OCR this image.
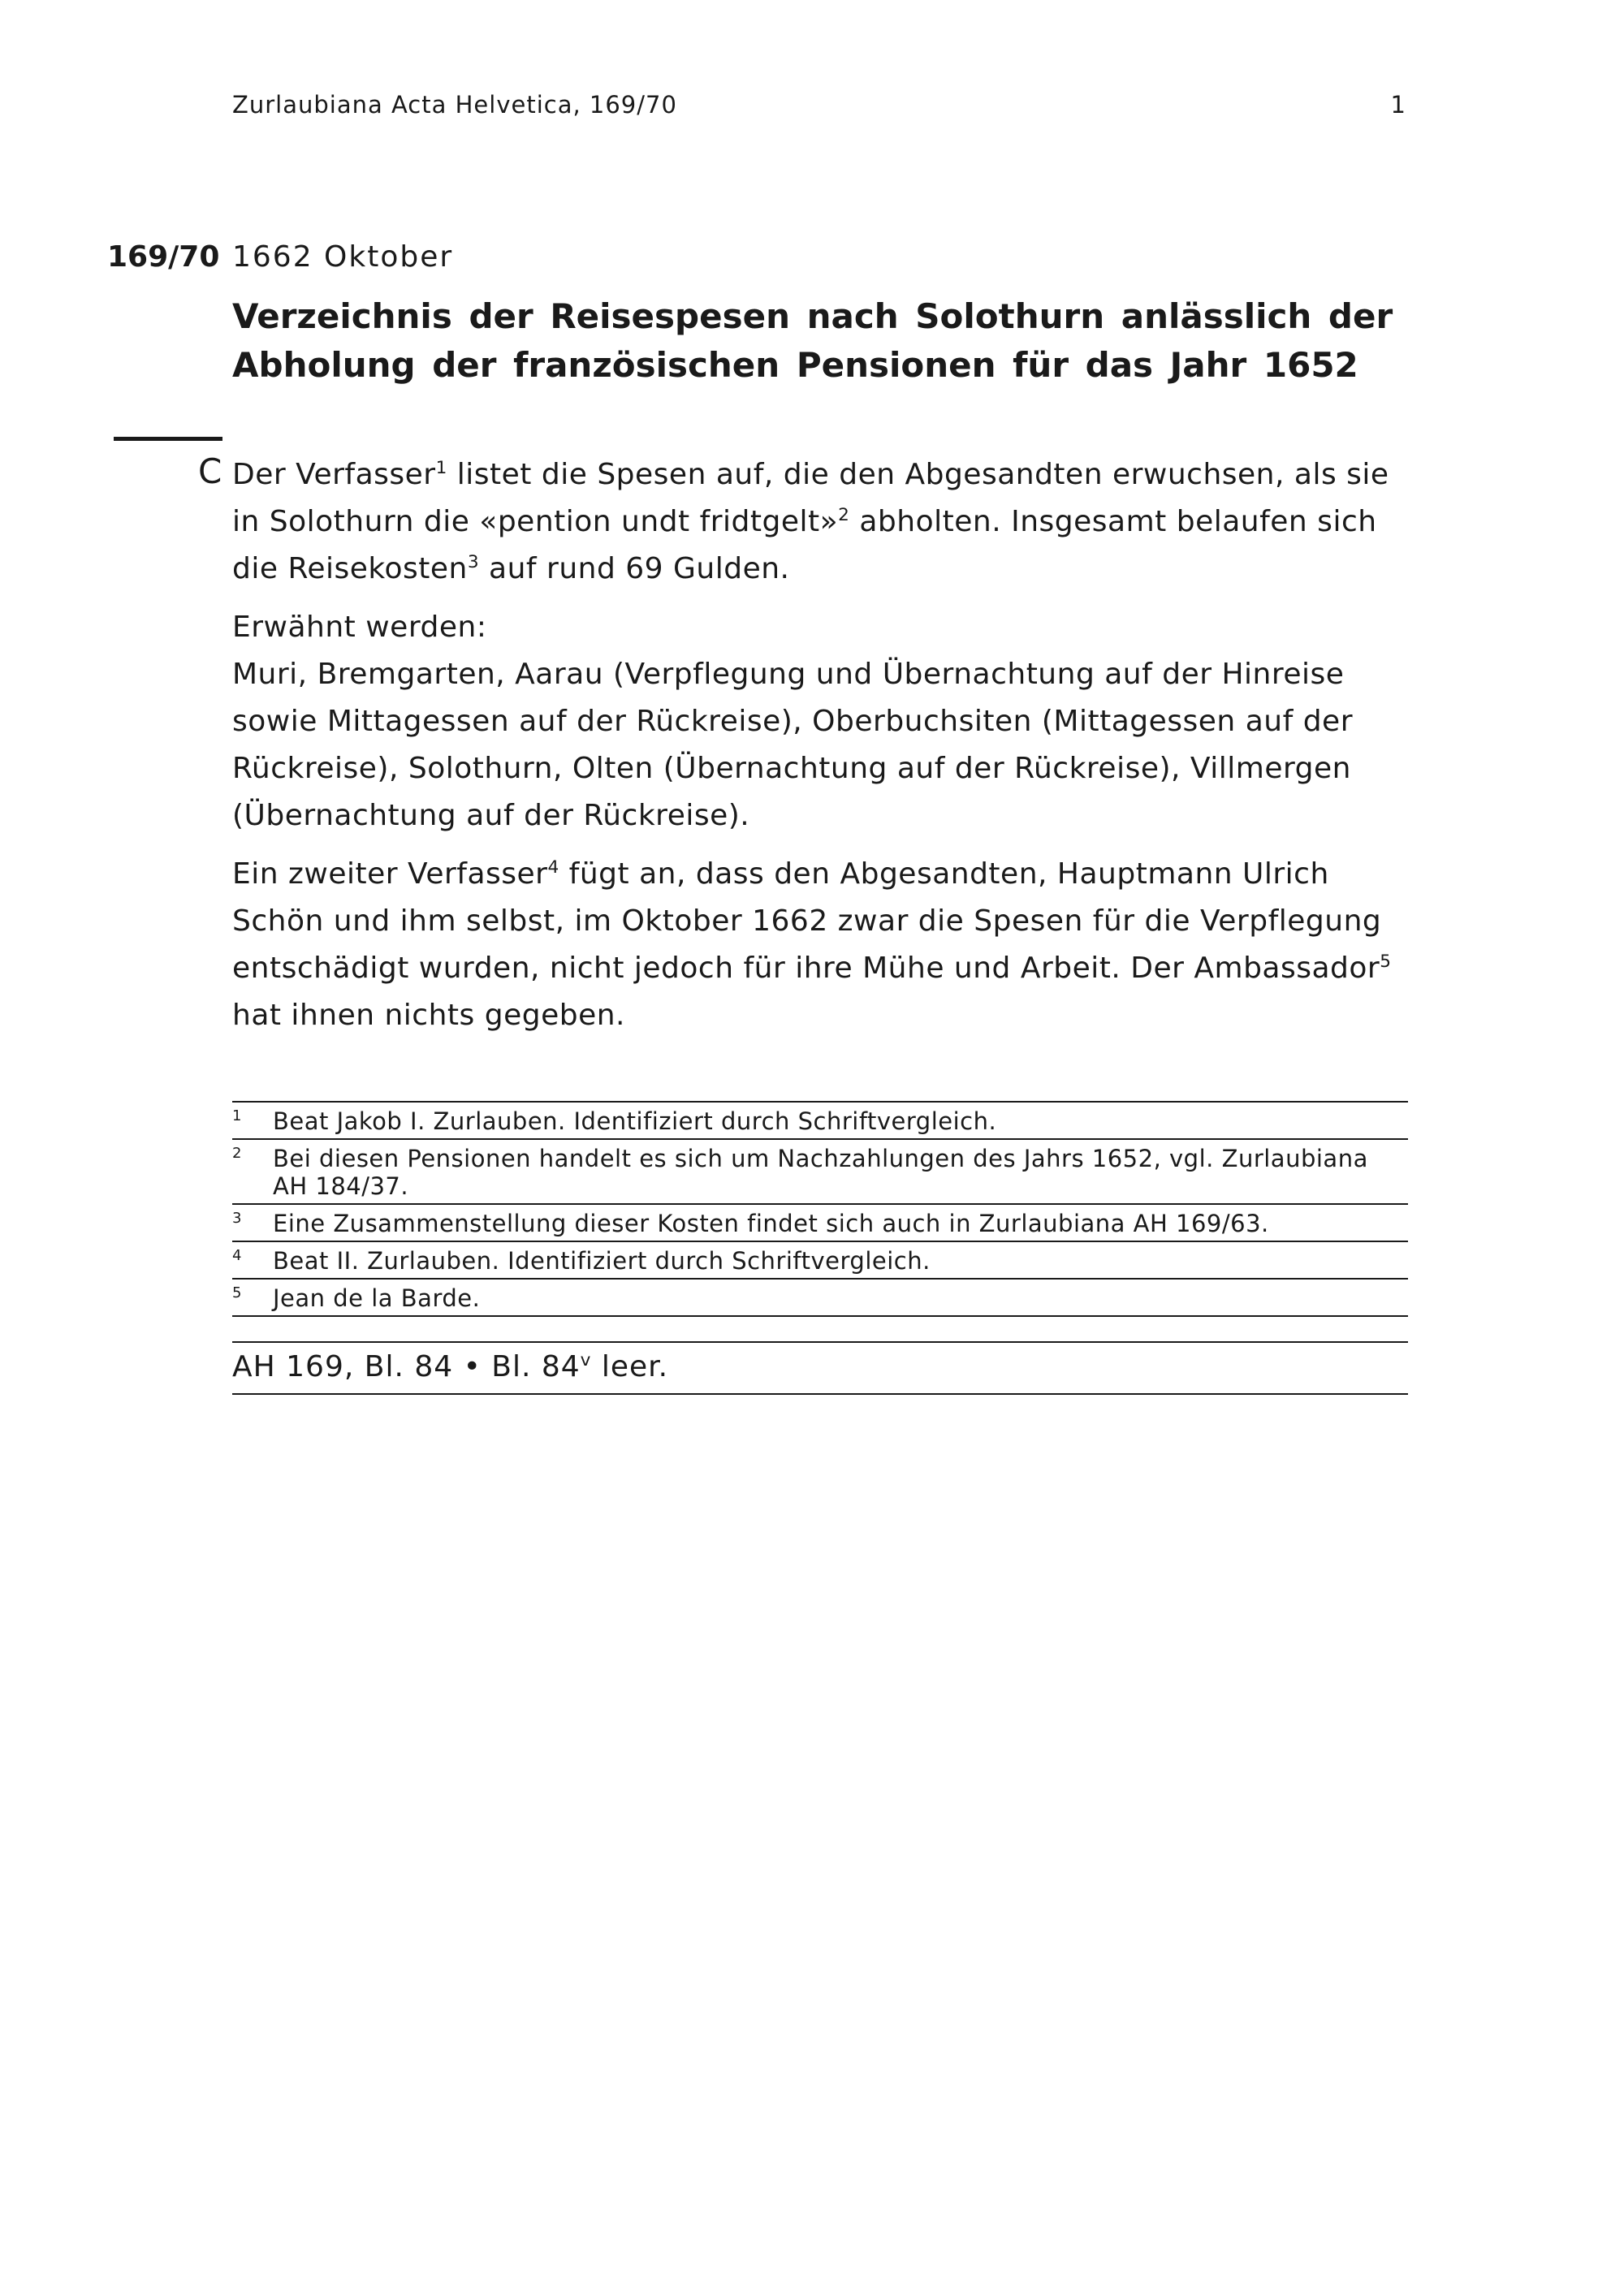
Zurlaubiana Acta Helvetica, 169/70	1
169/70 1662 Oktober
Verzeichnis der Reisespesen nach Solothurn anlässlich der
Abholung der französischen Pensionen für das Jahr 1652
C Der Verfasser$^1$ listet die Spesen auf, die den Abgesandten erwuchsen, als sie in Solothurn die «pention undt fridtgelt»$^2$ abholten. Insgesamt belaufen sich die Reisekosten$^3$ auf rund 69 Gulden.

Erwähnt werden:
Muri, Bremgarten, Aarau (Verpflegung und Übernachtung auf der Hinreise sowie Mittagessen auf der Rückreise), Oberbuchsiten (Mittagessen auf der Rückreise), Solothurn, Olten (Übernachtung auf der Rückreise), Villmergen (Übernachtung auf der Rückreise).

Ein zweiter Verfasser$^4$ fügt an, dass den Abgesandten, Hauptmann Ulrich Schön und ihm selbst, im Oktober 1662 zwar die Spesen für die Verpflegung entschädigt wurden, nicht jedoch für ihre Mühe und Arbeit. Der Ambassador$^5$ hat ihnen nichts gegeben.

1	Beat Jakob I. Zurlauben. Identifiziert durch Schriftvergleich.
2	Bei diesen Pensionen handelt es sich um Nachzahlungen des Jahrs 1652, vgl. Zurlaubiana AH 184/37.
3	Eine Zusammenstellung dieser Kosten findet sich auch in Zurlaubiana AH 169/63.
4	Beat II. Zurlauben. Identifiziert durch Schriftvergleich.
5	Jean de la Barde.
AH 169, Bl. 84 • Bl. 84$^v$ leer.
